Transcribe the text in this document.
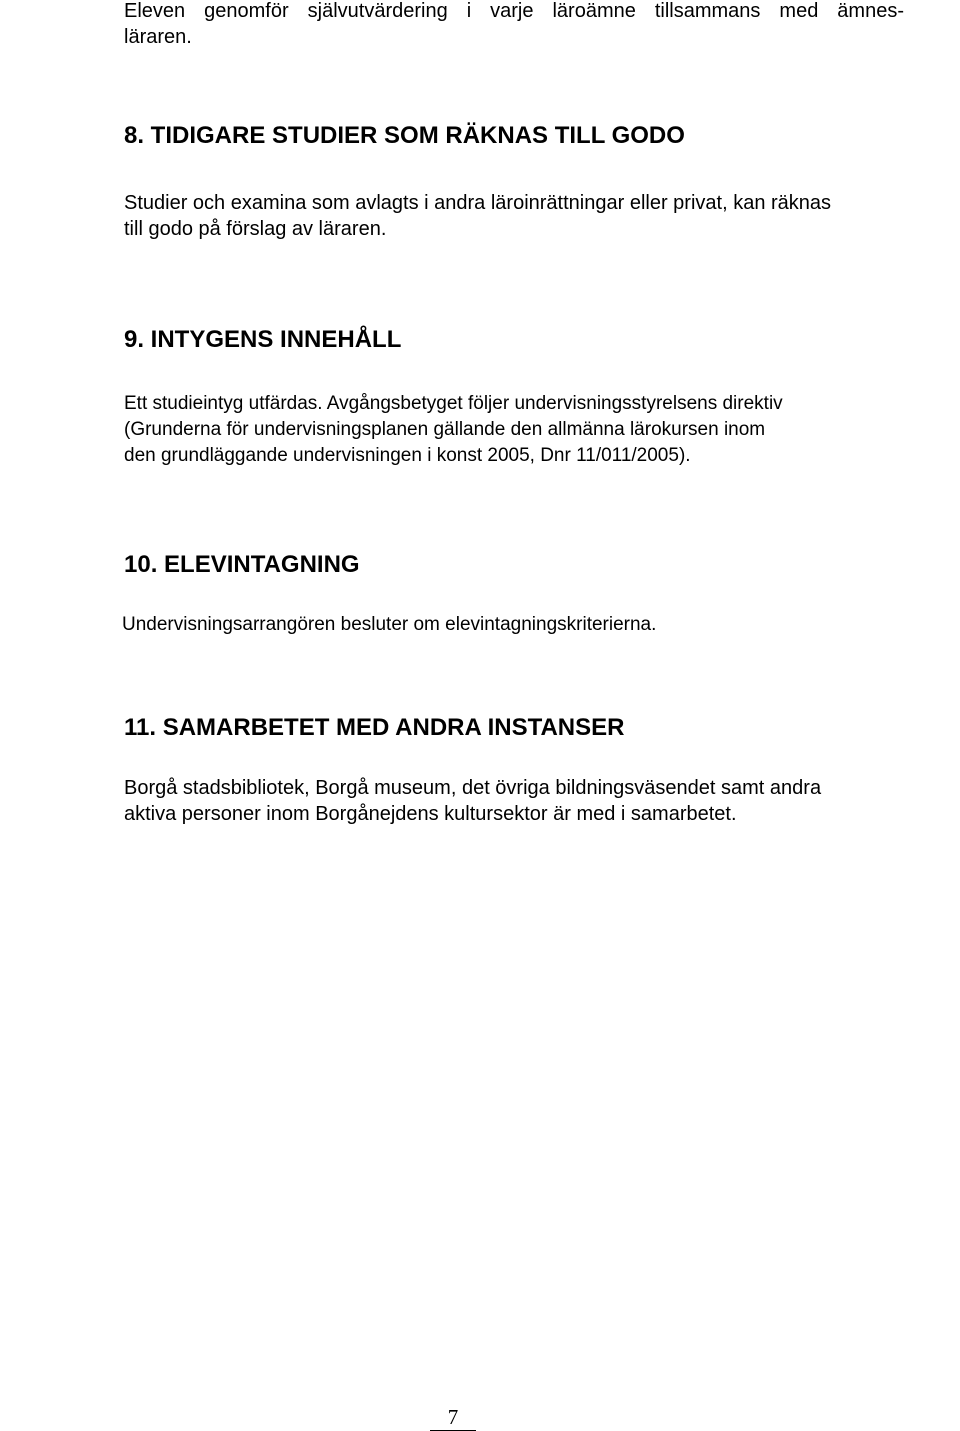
Eleven genomför självutvärdering i varje läroämne tillsammans med ämnes-
läraren.
8. TIDIGARE STUDIER SOM RÄKNAS TILL GODO
Studier och examina som avlagts i andra läroinrättningar eller privat, kan räknas
till godo på förslag av läraren.
9. INTYGENS INNEHÅLL
Ett studieintyg utfärdas. Avgångsbetyget följer undervisningsstyrelsens direktiv
(Grunderna för undervisningsplanen gällande den allmänna lärokursen inom
den grundläggande undervisningen i konst 2005, Dnr 11/011/2005).
10. ELEVINTAGNING
Undervisningsarrangören besluter om elevintagningskriterierna.
11. SAMARBETET MED ANDRA INSTANSER
Borgå stadsbibliotek, Borgå museum, det övriga bildningsväsendet samt andra
aktiva personer inom Borgånejdens kultursektor är med i samarbetet.
7
